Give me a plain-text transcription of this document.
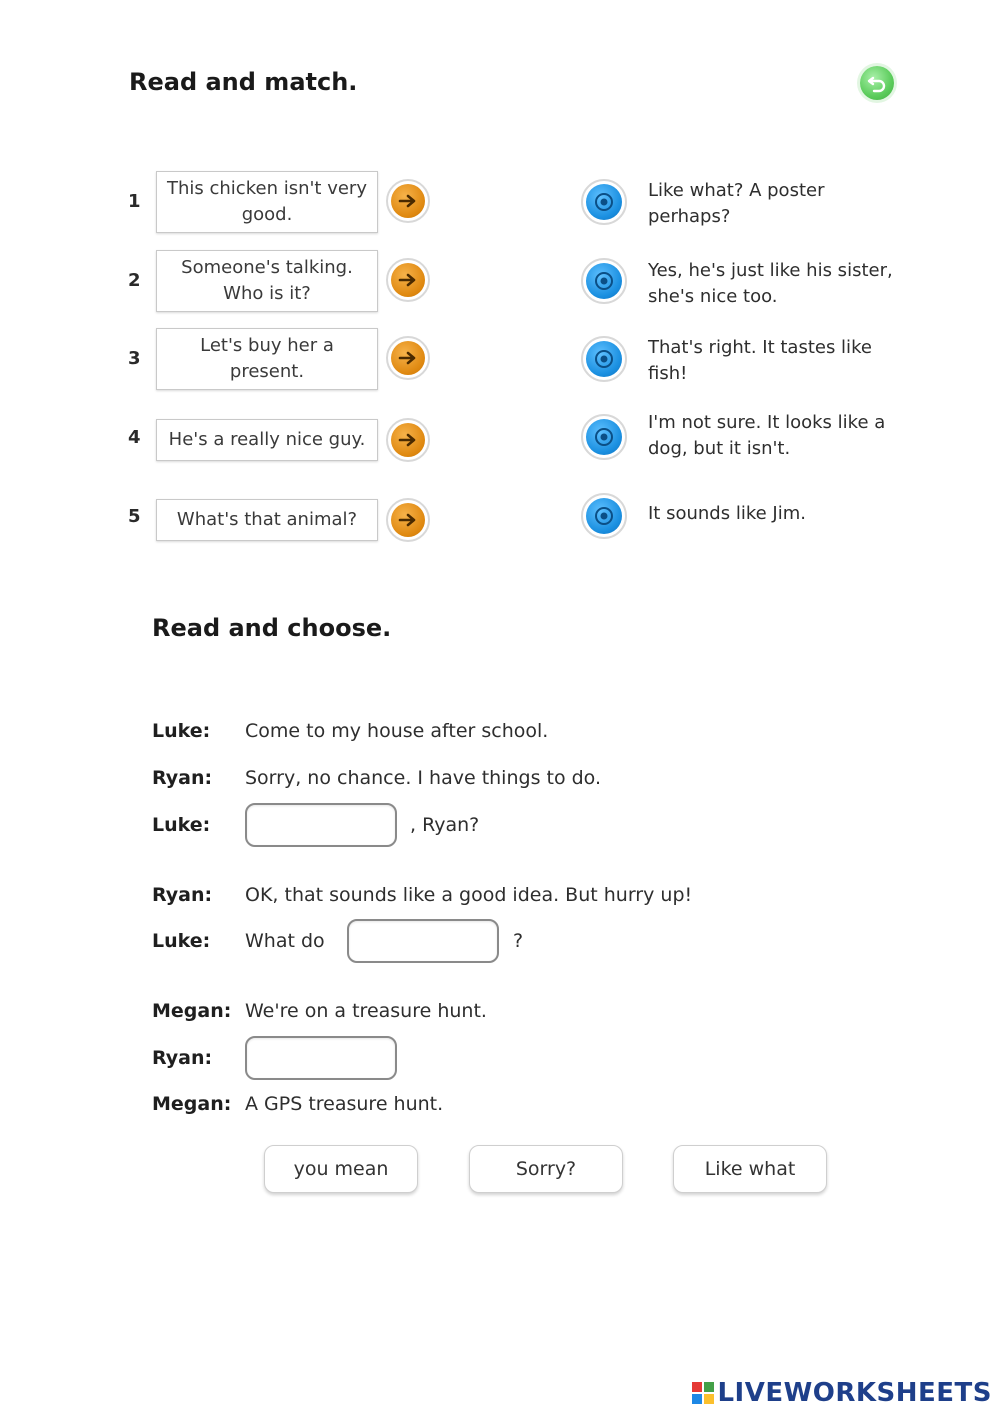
Read and match.
1
This chicken isn't very good.
2
Someone's talking. Who is it?
3
Let's buy her a present.
4	He's a really nice guy.
5	What's that animal?
Like what? A poster perhaps?
Yes, he's just like his sister, she's nice too.
That's right. It tastes like fish!
I'm not sure. It looks like a dog, but it isn't.
It sounds like Jim.
Read and choose.
Luke: Come to my house after school.
Ryan: Sorry, no chance. I have things to do.
Luke:	, Ryan?
Ryan: OK, that sounds like a good idea. But hurry up!
Luke: What do	?
Megan: We're on a treasure hunt.
Ryan:
Megan: A GPS treasure hunt.
you mean	Sorry?	Like what
LIVEWORKSHEETS
